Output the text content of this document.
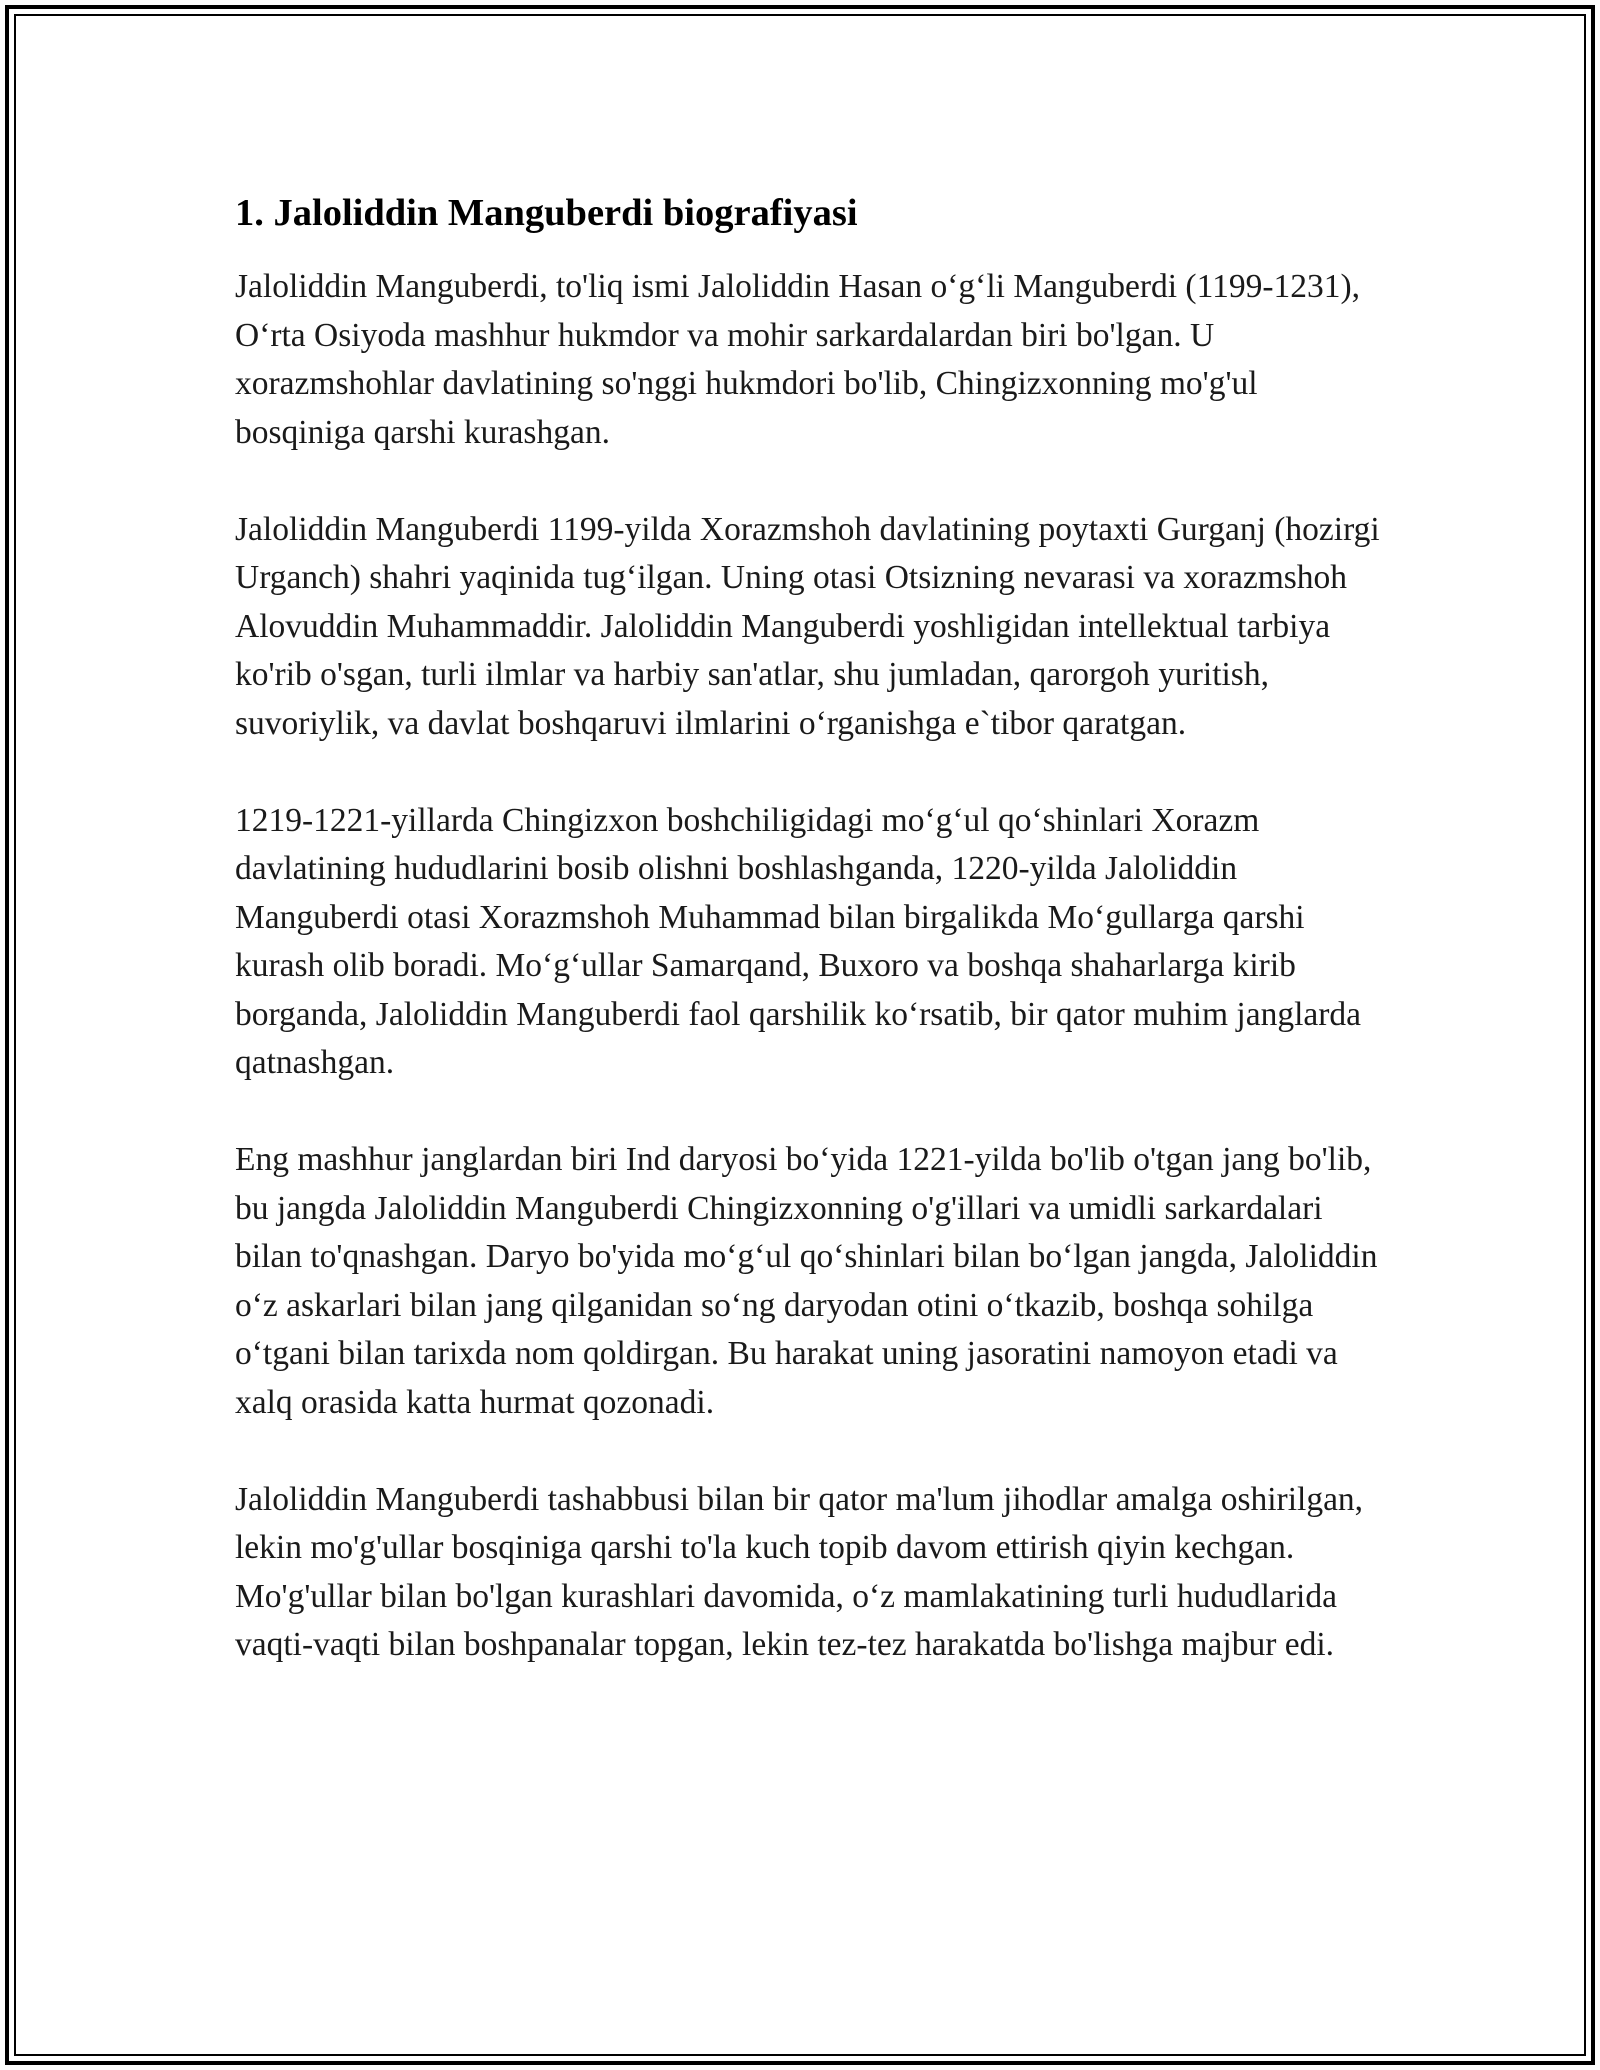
1. Jaloliddin Manguberdi biografiyasi

Jaloliddin Manguberdi, to'liq ismi Jaloliddin Hasan o‘g‘li Manguberdi (1199-1231), O‘rta Osiyoda mashhur hukmdor va mohir sarkardalardan biri bo'lgan. U xorazmshohlar davlatining so'nggi hukmdori bo'lib, Chingizxonning mo'g'ul bosqiniga qarshi kurashgan.

Jaloliddin Manguberdi 1199-yilda Xorazmshoh davlatining poytaxti Gurganj (hozirgi Urganch) shahri yaqinida tug‘ilgan. Uning otasi Otsizning nevarasi va xorazmshoh Alovuddin Muhammaddir. Jaloliddin Manguberdi yoshligidan intellektual tarbiya ko'rib o'sgan, turli ilmlar va harbiy san'atlar, shu jumladan, qarorgoh yuritish, suvoriylik, va davlat boshqaruvi ilmlarini o‘rganishga e`tibor qaratgan.

1219-1221-yillarda Chingizxon boshchiligidagi mo‘g‘ul qo‘shinlari Xorazm davlatining hududlarini bosib olishni boshlashganda, 1220-yilda Jaloliddin Manguberdi otasi Xorazmshoh Muhammad bilan birgalikda Mo‘gullarga qarshi kurash olib boradi. Mo‘g‘ullar Samarqand, Buxoro va boshqa shaharlarga kirib borganda, Jaloliddin Manguberdi faol qarshilik ko‘rsatib, bir qator muhim janglarda qatnashgan.

Eng mashhur janglardan biri Ind daryosi bo‘yida 1221-yilda bo'lib o'tgan jang bo'lib, bu jangda Jaloliddin Manguberdi Chingizxonning o'g'illari va umidli sarkardalari bilan to'qnashgan. Daryo bo'yida mo‘g‘ul qo‘shinlari bilan bo‘lgan jangda, Jaloliddin o‘z askarlari bilan jang qilganidan so‘ng daryodan otini o‘tkazib, boshqa sohilga o‘tgani bilan tarixda nom qoldirgan. Bu harakat uning jasoratini namoyon etadi va xalq orasida katta hurmat qozonadi.

Jaloliddin Manguberdi tashabbusi bilan bir qator ma'lum jihodlar amalga oshirilgan, lekin mo'g'ullar bosqiniga qarshi to'la kuch topib davom ettirish qiyin kechgan. Mo'g'ullar bilan bo'lgan kurashlari davomida, o‘z mamlakatining turli hududlarida vaqti-vaqti bilan boshpanalar topgan, lekin tez-tez harakatda bo'lishga majbur edi.
